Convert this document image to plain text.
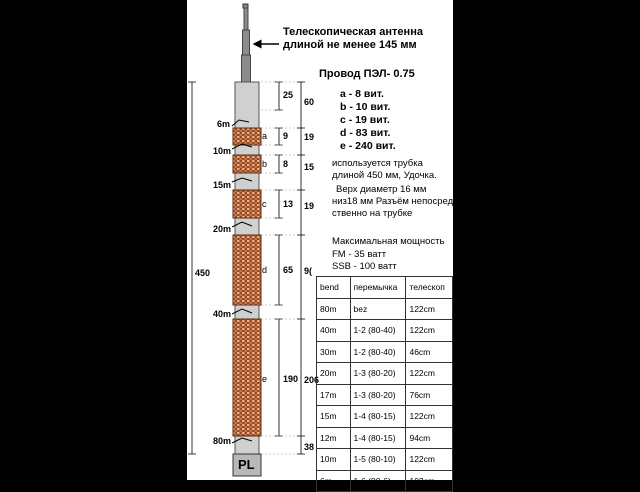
Телескопическая антенна
длиной не менее 145 мм
Провод ПЭЛ- 0.75
a - 8 вит.
b - 10 вит.
c - 19 вит.
d - 83 вит.
e - 240 вит.
используется трубка
длиной 450 мм, Удочка.
Верх диаметр 16 мм
низ18 мм Разъём непосред-
ственно на трубке
Максимальная мощность
FM - 35 ватт
SSB - 100 ватт
6m
10m
15m
20m
40m
80m
a
b
c
d
e
25
9
8
13
65
190
60
19
15
19
9(
206
38
450
PL
bend	перемычка	телескоп
80m	bez	122cm
40m	1-2 (80-40)	122cm
30m	1-2 (80-40)	46cm
20m	1-3 (80-20)	122cm
17m	1-3 (80-20)	76cm
15m	1-4 (80-15)	122cm
12m	1-4 (80-15)	94cm
10m	1-5 (80-10)	122cm
6m	1-6 (80-6)	102cm
